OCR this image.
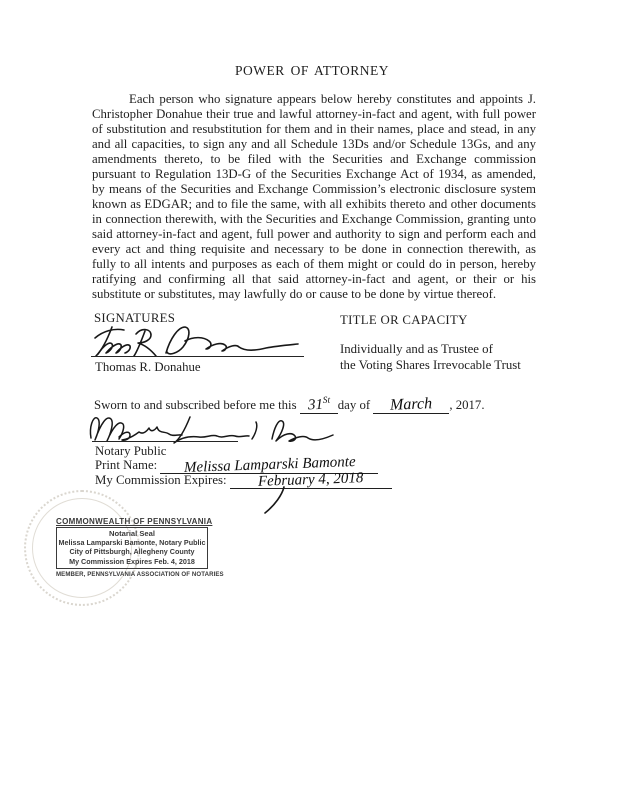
POWER OF ATTORNEY

Each person who signature appears below hereby constitutes and appoints J. Christopher Donahue their true and lawful attorney-in-fact and agent, with full power of substitution and resubstitution for them and in their names, place and stead, in any and all capacities, to sign any and all Schedule 13Ds and/or Schedule 13Gs, and any amendments thereto, to be filed with the Securities and Exchange commission pursuant to Regulation 13D-G of the Securities Exchange Act of 1934, as amended, by means of the Securities and Exchange Commission’s electronic disclosure system known as EDGAR; and to file the same, with all exhibits thereto and other documents in connection therewith, with the Securities and Exchange Commission, granting unto said attorney-in-fact and agent, full power and authority to sign and perform each and every act and thing requisite and necessary to be done in connection therewith, as fully to all intents and purposes as each of them might or could do in person, hereby ratifying and confirming all that said attorney-in-fact and agent, or their or his substitute or substitutes, may lawfully do or cause to be done by virtue thereof.

SIGNATURES	TITLE OR CAPACITY
Thomas R. Donahue
Individually and as Trustee of
the Voting Shares Irrevocable Trust
Sworn to and subscribed before me this 31St day of March , 2017.
Notary Public
Print Name: Melissa Lamparski Bamonte
My Commission Expires: February 4, 2018
COMMONWEALTH OF PENNSYLVANIA
Notarial Seal
Melissa Lamparski Bamonte, Notary Public
City of Pittsburgh, Allegheny County
My Commission Expires Feb. 4, 2018
MEMBER, PENNSYLVANIA ASSOCIATION OF NOTARIES
